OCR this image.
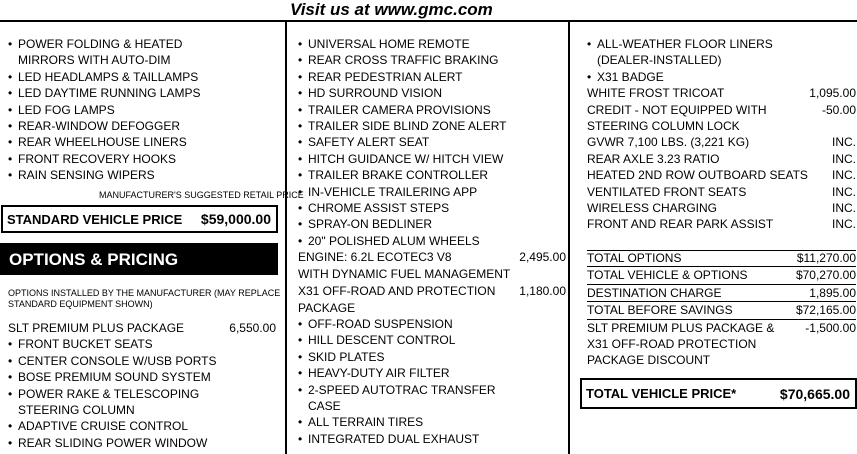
Visit us at www.gmc.com
• POWER FOLDING & HEATED
MIRRORS WITH AUTO-DIM
• LED HEADLAMPS & TAILLAMPS
• LED DAYTIME RUNNING LAMPS
• LED FOG LAMPS
• REAR-WINDOW DEFOGGER
• REAR WHEELHOUSE LINERS
• FRONT RECOVERY HOOKS
• RAIN SENSING WIPERS
MANUFACTURER'S SUGGESTED RETAIL PRICE
STANDARD VEHICLE PRICE $59,000.00
OPTIONS & PRICING
OPTIONS INSTALLED BY THE MANUFACTURER (MAY REPLACE
STANDARD EQUIPMENT SHOWN)
SLT PREMIUM PLUS PACKAGE	6,550.00
• FRONT BUCKET SEATS
• CENTER CONSOLE W/USB PORTS
• BOSE PREMIUM SOUND SYSTEM
• POWER RAKE & TELESCOPING
STEERING COLUMN
• ADAPTIVE CRUISE CONTROL
• REAR SLIDING POWER WINDOW
• UNIVERSAL HOME REMOTE
• REAR CROSS TRAFFIC BRAKING
• REAR PEDESTRIAN ALERT
• HD SURROUND VISION
• TRAILER CAMERA PROVISIONS
• TRAILER SIDE BLIND ZONE ALERT
• SAFETY ALERT SEAT
• HITCH GUIDANCE W/ HITCH VIEW
• TRAILER BRAKE CONTROLLER
• IN-VEHICLE TRAILERING APP
• CHROME ASSIST STEPS
• SPRAY-ON BEDLINER
• 20" POLISHED ALUM WHEELS
ENGINE: 6.2L ECOTEC3 V8	2,495.00
WITH DYNAMIC FUEL MANAGEMENT
X31 OFF-ROAD AND PROTECTION 1,180.00
PACKAGE
• OFF-ROAD SUSPENSION
• HILL DESCENT CONTROL
• SKID PLATES
• HEAVY-DUTY AIR FILTER
• 2-SPEED AUTOTRAC TRANSFER
CASE
• ALL TERRAIN TIRES
• INTEGRATED DUAL EXHAUST
• ALL-WEATHER FLOOR LINERS
(DEALER-INSTALLED)
• X31 BADGE
WHITE FROST TRICOAT	1,095.00
CREDIT - NOT EQUIPPED WITH	-50.00
STEERING COLUMN LOCK
GVWR 7,100 LBS. (3,221 KG)	INC.
REAR AXLE 3.23 RATIO	INC.
HEATED 2ND ROW OUTBOARD SEATS INC.
VENTILATED FRONT SEATS	INC.
WIRELESS CHARGING	INC.
FRONT AND REAR PARK ASSIST	INC.
TOTAL OPTIONS	$11,270.00
TOTAL VEHICLE & OPTIONS	$70,270.00
DESTINATION CHARGE	1,895.00
TOTAL BEFORE SAVINGS	$72,165.00
SLT PREMIUM PLUS PACKAGE &	-1,500.00
X31 OFF-ROAD PROTECTION
PACKAGE DISCOUNT
TOTAL VEHICLE PRICE*	$70,665.00
